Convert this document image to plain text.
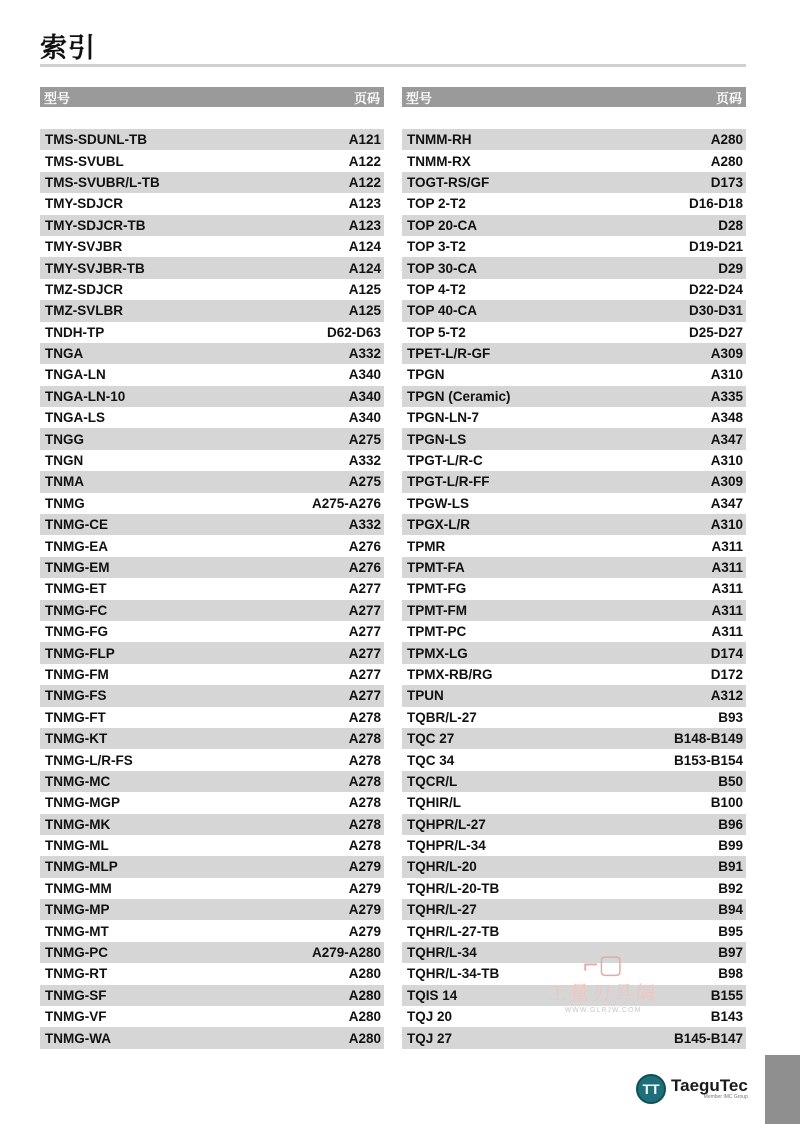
索引
型号	页码
TMS-SDUNL-TB	A121
TMS-SVUBL	A122
TMS-SVUBR/L-TB	A122
TMY-SDJCR	A123
TMY-SDJCR-TB	A123
TMY-SVJBR	A124
TMY-SVJBR-TB	A124
TMZ-SDJCR	A125
TMZ-SVLBR	A125
TNDH-TP	D62-D63
TNGA	A332
TNGA-LN	A340
TNGA-LN-10	A340
TNGA-LS	A340
TNGG	A275
TNGN	A332
TNMA	A275
TNMG	A275-A276
TNMG-CE	A332
TNMG-EA	A276
TNMG-EM	A276
TNMG-ET	A277
TNMG-FC	A277
TNMG-FG	A277
TNMG-FLP	A277
TNMG-FM	A277
TNMG-FS	A277
TNMG-FT	A278
TNMG-KT	A278
TNMG-L/R-FS	A278
TNMG-MC	A278
TNMG-MGP	A278
TNMG-MK	A278
TNMG-ML	A278
TNMG-MLP	A279
TNMG-MM	A279
TNMG-MP	A279
TNMG-MT	A279
TNMG-PC	A279-A280
TNMG-RT	A280
TNMG-SF	A280
TNMG-VF	A280
TNMG-WA	A280
型号	页码
TNMM-RH	A280
TNMM-RX	A280
TOGT-RS/GF	D173
TOP 2-T2	D16-D18
TOP 20-CA	D28
TOP 3-T2	D19-D21
TOP 30-CA	D29
TOP 4-T2	D22-D24
TOP 40-CA	D30-D31
TOP 5-T2	D25-D27
TPET-L/R-GF	A309
TPGN	A310
TPGN (Ceramic)	A335
TPGN-LN-7	A348
TPGN-LS	A347
TPGT-L/R-C	A310
TPGT-L/R-FF	A309
TPGW-LS	A347
TPGX-L/R	A310
TPMR	A311
TPMT-FA	A311
TPMT-FG	A311
TPMT-FM	A311
TPMT-PC	A311
TPMX-LG	D174
TPMX-RB/RG	D172
TPUN	A312
TQBR/L-27	B93
TQC 27	B148-B149
TQC 34	B153-B154
TQCR/L	B50
TQHIR/L	B100
TQHPR/L-27	B96
TQHPR/L-34	B99
TQHR/L-20	B91
TQHR/L-20-TB	B92
TQHR/L-27	B94
TQHR/L-27-TB	B95
TQHR/L-34	B97
TQHR/L-34-TB	B98
TQIS 14	B155
TQJ 20	B143
TQJ 27	B145-B147
⌐▢
工量刃具網
WWW.GLRJW.COM
TT TaeguTec
Member IMC Group
